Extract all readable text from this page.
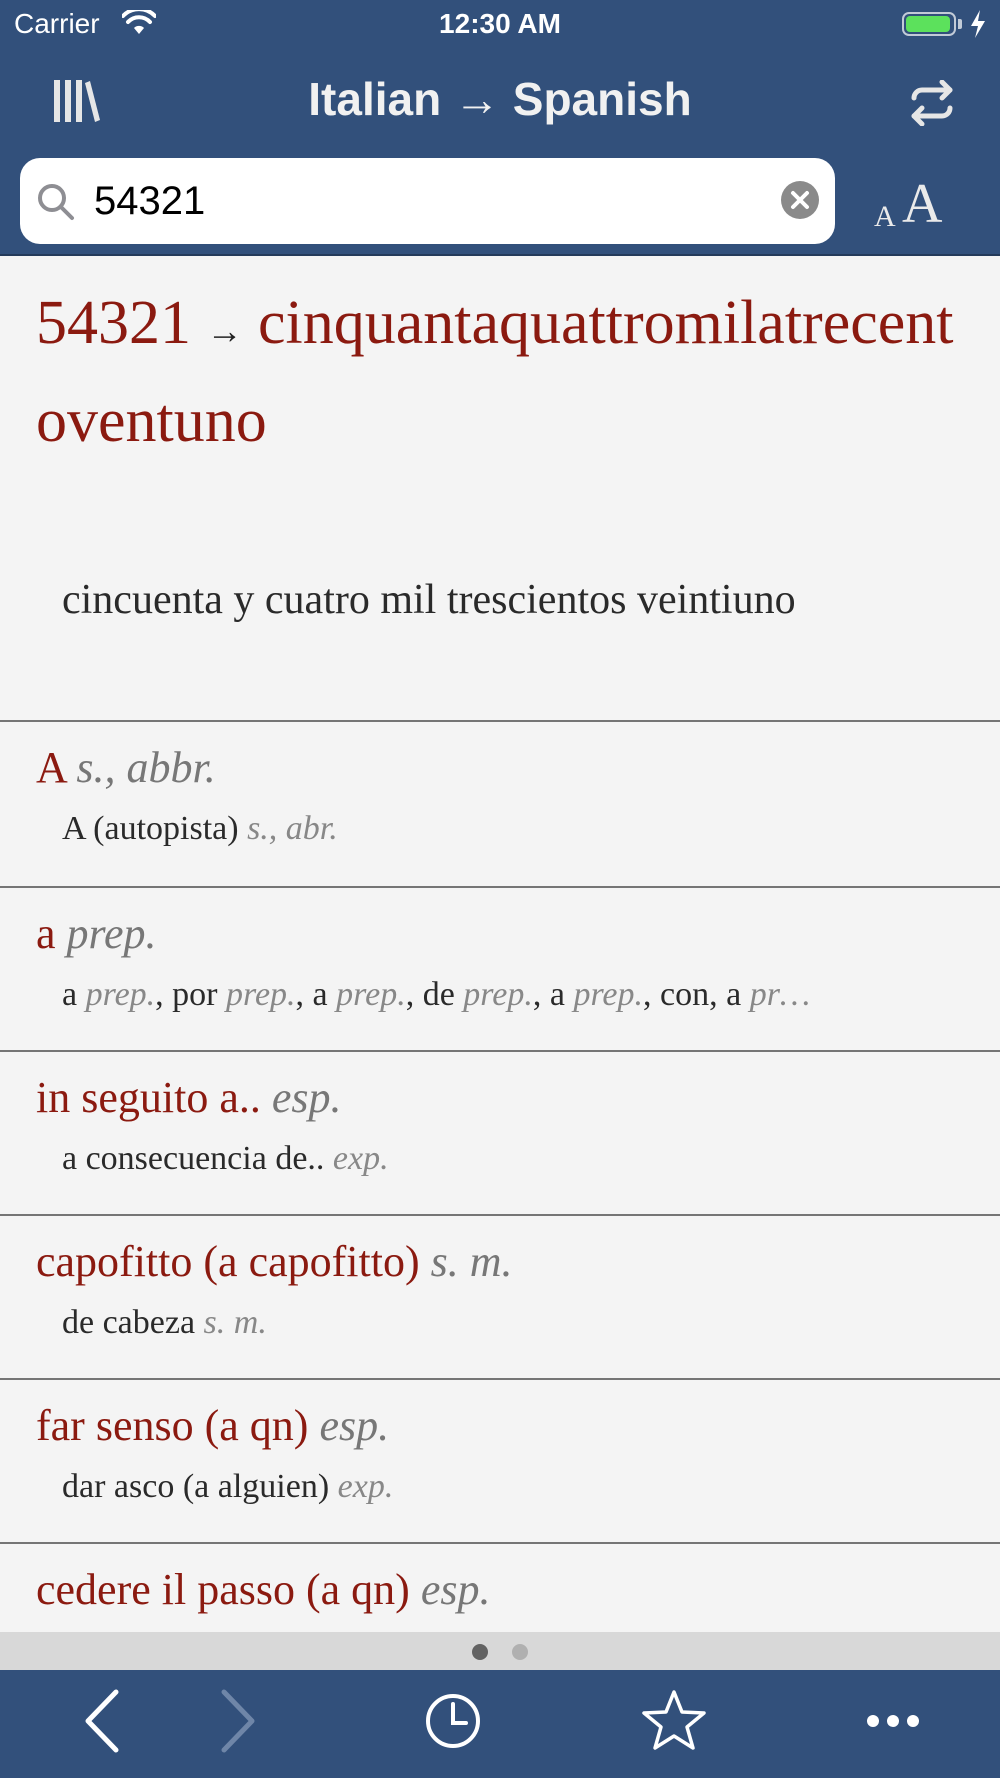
Carrier	12:30 AM
Italian → Spanish
54321
A A
54321 → cinquantaquattromilatrecentoventuno
cincuenta y cuatro mil trescientos veintiuno
A s., abbr.
A (autopista) s., abr.
a prep.
a prep., por prep., a prep., de prep., a prep., con, a pr…
in seguito a.. esp.
a consecuencia de.. exp.
capofitto (a capofitto) s. m.
de cabeza s. m.
far senso (a qn) esp.
dar asco (a alguien) exp.
cedere il passo (a qn) esp.
